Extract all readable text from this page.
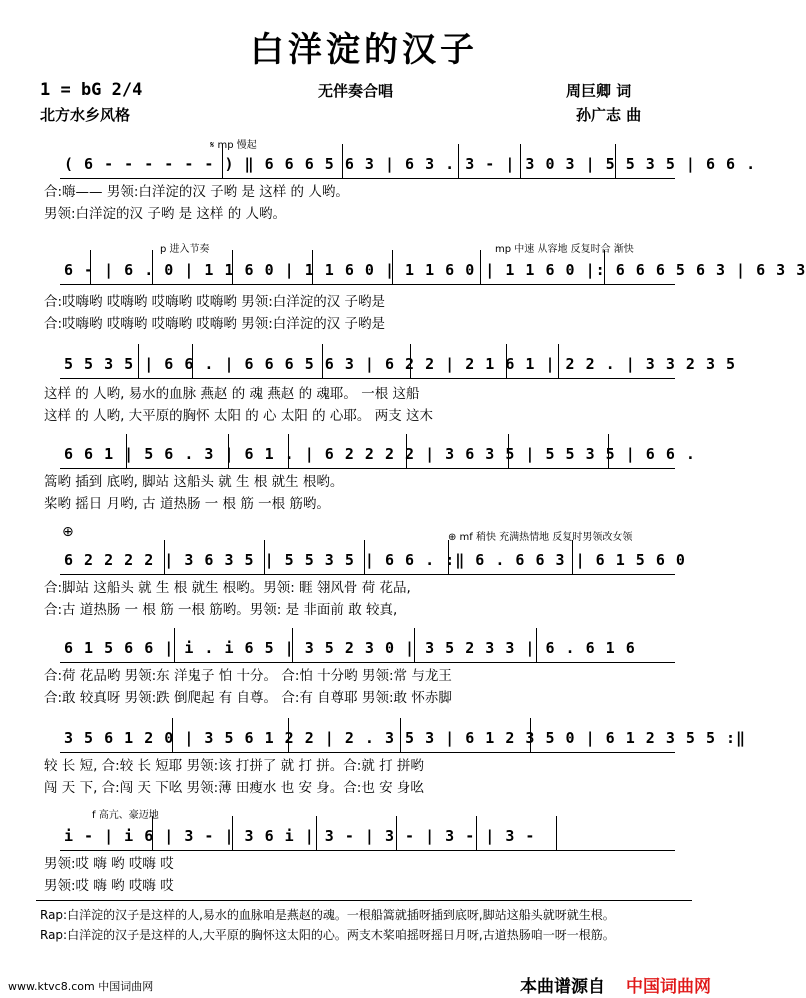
白洋淀的汉子
1 = bG 2/4
北方水乡风格
无伴奏合唱	周巨卿 词
孙广志 曲
𝄋 mp 慢起
( 6 - - - - - - ) ‖ 6 6 6 5 6 3 | 6 3 . 3 - | 3 0 3 | 5 5 3 5 | 6 6 .
合:嗨—— 男领:白洋淀的汉 子哟 是 这样 的 人哟。
男领:白洋淀的汉 子哟 是 这样 的 人哟。
p 进入节奏	mp 中速 从容地 反复时合 渐快
6 - | 6 . 0 | 1 1 6 0 | 1 1 6 0 | 1 1 6 0 | 1 1 6 0 |: 6 6 6 5 6 3 | 6 3 3
合:哎嗨哟 哎嗨哟 哎嗨哟 哎嗨哟 男领:白洋淀的汉 子哟是
合:哎嗨哟 哎嗨哟 哎嗨哟 哎嗨哟 男领:白洋淀的汉 子哟是
5 5 3 5 | 6 6 . | 6 6 6 5 6 3 | 6 2 2 | 2 1 6 1 | 2 2 . | 3 3 2 3 5
这样 的 人哟, 易水的血脉 燕赵 的 魂 燕赵 的 魂耶。 一根 这船
这样 的 人哟, 大平原的胸怀 太阳 的 心 太阳 的 心耶。 两支 这木
6 6 1 | 5 6 . 3 | 6 1 . | 6 2 2 2 2 | 3 6 3 5 | 5 5 3 5 | 6 6 .
篙哟 插到 底哟, 脚站 这船头 就 生 根 就生 根哟。
桨哟 摇日 月哟, 古 道热肠 一 根 筋 一根 筋哟。
⊕	⊕ mf 稍快 充满热情地 反复时男领改女领
6 2 2 2 2 | 3 6 3 5 | 5 5 3 5 | 6 6 . :‖ 6 . 6 6 3 | 6 1 5 6 0
合:脚站 这船头 就 生 根 就生 根哟。男领: 睚 翎风骨 荷 花品,
合:古 道热肠 一 根 筋 一根 筋哟。男领: 是 非面前 敢 较真,
6 1 5 6 6 | i . i 6 5 | 3 5 2 3 0 | 3 5 2 3 3 | 6 . 6 1 6
合:荷 花品哟 男领:东 洋鬼子 怕 十分。 合:怕 十分哟 男领:常 与龙王
合:敢 较真呀 男领:跌 倒爬起 有 自尊。 合:有 自尊耶 男领:敢 怀赤脚
3 5 6 1 2 0 | 3 5 6 1 2 2 | 2 . 3 5 3 | 6 1 2 3 5 0 | 6 1 2 3 5 5 :‖
较 长 短, 合:较 长 短耶 男领:该 打拼了 就 打 拼。合:就 打 拼哟
闯 天 下, 合:闯 天 下吆 男领:薄 田瘦水 也 安 身。合:也 安 身吆
f 高亢、豪迈地
i - | i 6 | 3 - | 3 6 i | 3 - | 3 - | 3 - | 3 -
男领:哎 嗨 哟 哎嗨 哎
男领:哎 嗨 哟 哎嗨 哎
Rap:白洋淀的汉子是这样的人,易水的血脉咱是燕赵的魂。一根船篙就插呀插到底呀,脚站这船头就呀就生根。
Rap:白洋淀的汉子是这样的人,大平原的胸怀这太阳的心。两支木桨咱摇呀摇日月呀,古道热肠咱一呀一根筋。
www.ktvc8.com 中国词曲网	本曲谱源自 中国词曲网
